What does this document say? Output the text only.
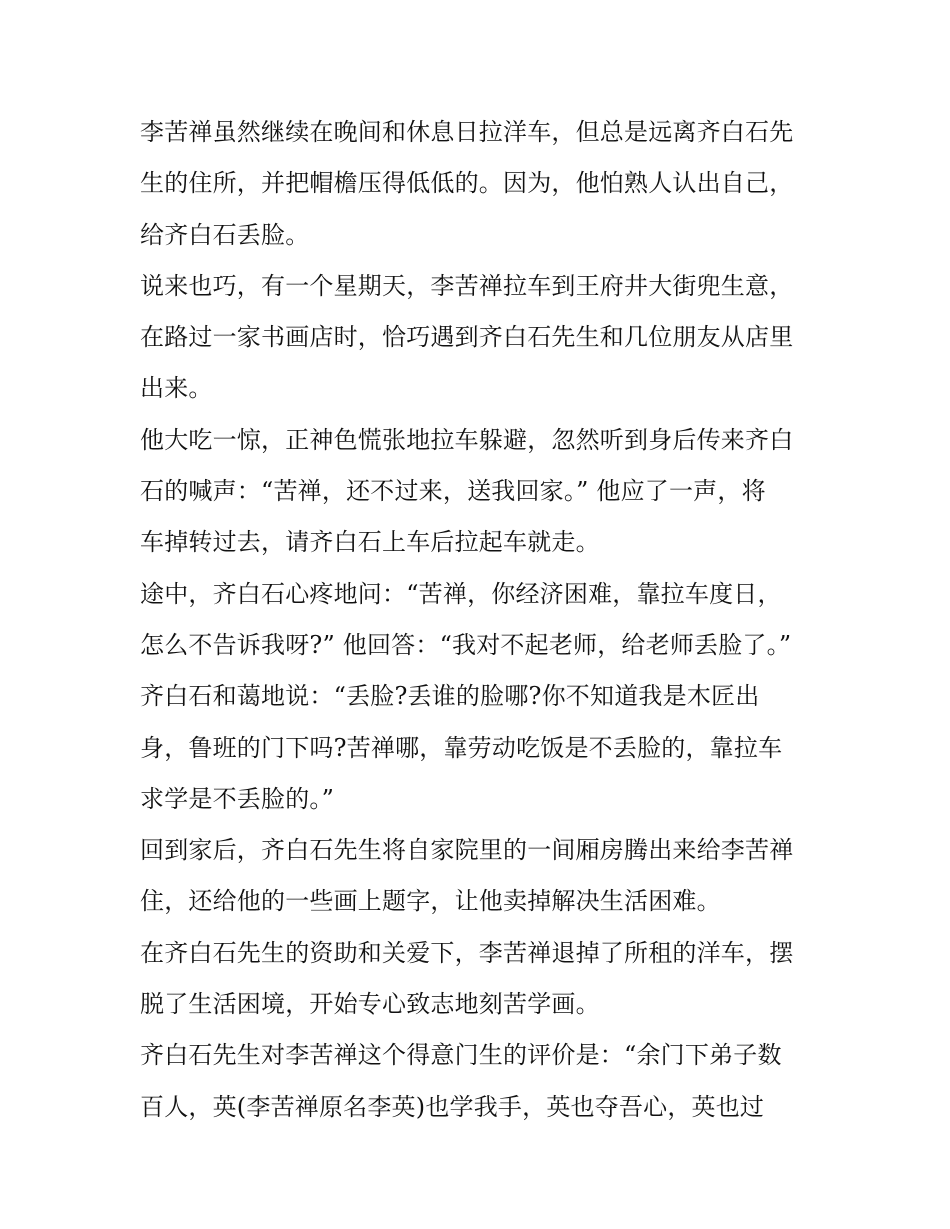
李苦禅虽然继续在晚间和休息日拉洋车，但总是远离齐白石先
生的住所，并把帽檐压得低低的。因为，他怕熟人认出自己，
给齐白石丢脸。
说来也巧，有一个星期天，李苦禅拉车到王府井大街兜生意，
在路过一家书画店时，恰巧遇到齐白石先生和几位朋友从店里
出来。
他大吃一惊，正神色慌张地拉车躲避，忽然听到身后传来齐白
石的喊声：“苦禅，还不过来，送我回家。” 他应了一声，将
车掉转过去，请齐白石上车后拉起车就走。
途中，齐白石心疼地问：“苦禅，你经济困难，靠拉车度日，
怎么不告诉我呀?” 他回答：“我对不起老师，给老师丢脸了。”
齐白石和蔼地说：“丢脸?丢谁的脸哪?你不知道我是木匠出
身，鲁班的门下吗?苦禅哪，靠劳动吃饭是不丢脸的，靠拉车
求学是不丢脸的。”
回到家后，齐白石先生将自家院里的一间厢房腾出来给李苦禅
住，还给他的一些画上题字，让他卖掉解决生活困难。
在齐白石先生的资助和关爱下，李苦禅退掉了所租的洋车，摆
脱了生活困境，开始专心致志地刻苦学画。
齐白石先生对李苦禅这个得意门生的评价是：“余门下弟子数
百人，英(李苦禅原名李英)也学我手，英也夺吾心，英也过
